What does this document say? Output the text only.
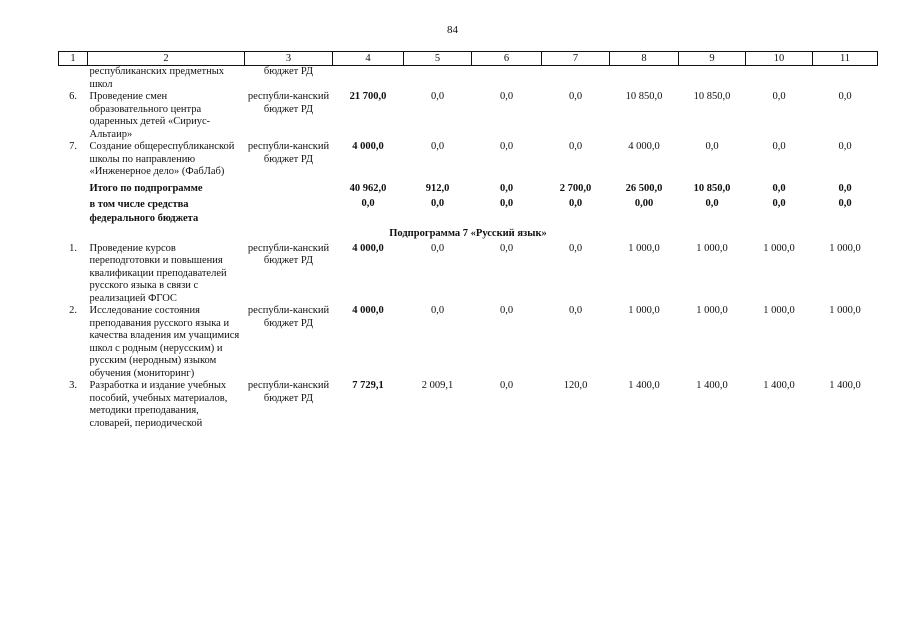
84
1	2	3	4	5	6	7	8	9	10	11
	республиканских предметных школ	бюджет РД								
6.	Проведение смен образовательного центра одаренных детей «Сириус-Альтаир»	республи-канский бюджет РД	21 700,0	0,0	0,0	0,0	10 850,0	10 850,0	0,0	0,0
7.	Создание общереспубликанской школы по направлению «Инженерное дело» (ФабЛаб)	республи-канский бюджет РД	4 000,0	0,0	0,0	0,0	4 000,0	0,0	0,0	0,0
	Итого по подпрограмме		40 962,0	912,0	0,0	2 700,0	26 500,0	10 850,0	0,0	0,0
	в том числе средства федерального бюджета		0,0	0,0	0,0	0,0	0,00	0,0	0,0	0,0
Подпрограмма 7 «Русский язык»										
1.	Проведение курсов переподготовки и повышения квалификации преподавателей русского языка в связи с реализацией ФГОС	республи-канский бюджет РД	4 000,0	0,0	0,0	0,0	1 000,0	1 000,0	1 000,0	1 000,0
2.	Исследование состояния преподавания русского языка и качества владения им учащимися школ с родным (нерусским) и русским (неродным) языком обучения (мониторинг)	республи-канский бюджет РД	4 000,0	0,0	0,0	0,0	1 000,0	1 000,0	1 000,0	1 000,0
3.	Разработка и издание учебных пособий, учебных материалов, методики преподавания, словарей, периодической	республи-канский бюджет РД	7 729,1	2 009,1	0,0	120,0	1 400,0	1 400,0	1 400,0	1 400,0
